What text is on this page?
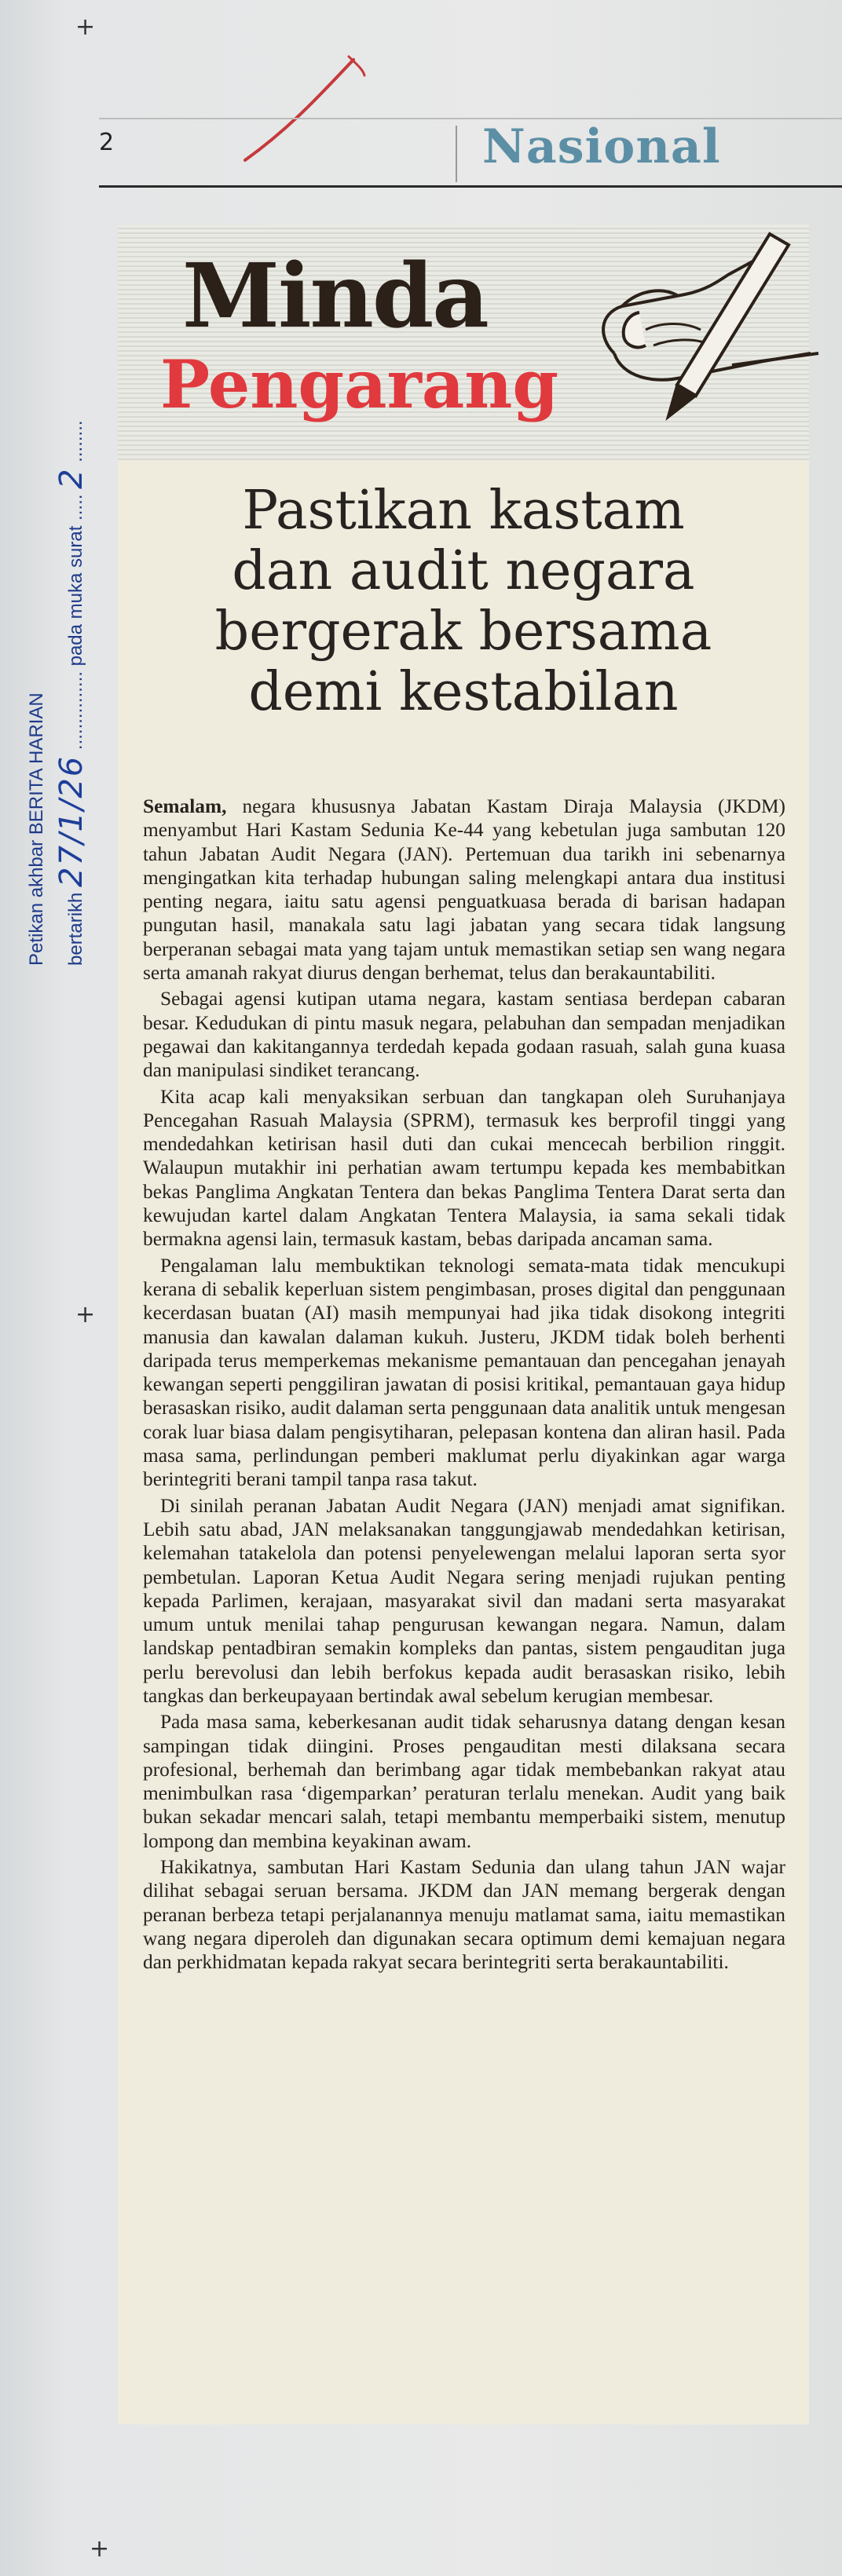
+
+
+
2	Nasional
Petikan akhbar BERITA HARIAN bertarikh 27/1/26 ............... pada muka surat ..... 2 ........
Minda
Pengarang
Pastikan kastam
dan audit negara
bergerak bersama
demi kestabilan

Semalam, negara khususnya Jabatan Kastam Diraja Malaysia (JKDM) menyambut Hari Kastam Sedunia Ke-44 yang kebetulan juga sambutan 120 tahun Jabatan Audit Negara (JAN). Pertemuan dua tarikh ini sebenarnya mengingatkan kita terhadap hubungan saling melengkapi antara dua institusi penting negara, iaitu satu agensi penguatkuasa berada di barisan hadapan pungutan hasil, manakala satu lagi jabatan yang secara tidak langsung berperanan sebagai mata yang tajam untuk memastikan setiap sen wang negara serta amanah rakyat diurus dengan berhemat, telus dan berakauntabiliti.

Sebagai agensi kutipan utama negara, kastam sentiasa berdepan cabaran besar. Kedudukan di pintu masuk negara, pelabuhan dan sempadan menjadikan pegawai dan kakitangannya terdedah kepada godaan rasuah, salah guna kuasa dan manipulasi sindiket terancang.

Kita acap kali menyaksikan serbuan dan tangkapan oleh Suruhanjaya Pencegahan Rasuah Malaysia (SPRM), termasuk kes berprofil tinggi yang mendedahkan ketirisan hasil duti dan cukai mencecah berbilion ringgit. Walaupun mutakhir ini perhatian awam tertumpu kepada kes membabitkan bekas Panglima Angkatan Tentera dan bekas Panglima Tentera Darat serta dan kewujudan kartel dalam Angkatan Tentera Malaysia, ia sama sekali tidak bermakna agensi lain, termasuk kastam, bebas daripada ancaman sama.

Pengalaman lalu membuktikan teknologi semata-mata tidak mencukupi kerana di sebalik keperluan sistem pengimbasan, proses digital dan penggunaan kecerdasan buatan (AI) masih mempunyai had jika tidak disokong integriti manusia dan kawalan dalaman kukuh. Justeru, JKDM tidak boleh berhenti daripada terus memperkemas mekanisme pemantauan dan pencegahan jenayah kewangan seperti penggiliran jawatan di posisi kritikal, pemantauan gaya hidup berasaskan risiko, audit dalaman serta penggunaan data analitik untuk mengesan corak luar biasa dalam pengisytiharan, pelepasan kontena dan aliran hasil. Pada masa sama, perlindungan pemberi maklumat perlu diyakinkan agar warga berintegriti berani tampil tanpa rasa takut.

Di sinilah peranan Jabatan Audit Negara (JAN) menjadi amat signifikan. Lebih satu abad, JAN melaksanakan tanggungjawab mendedahkan ketirisan, kelemahan tatakelola dan potensi penyelewengan melalui laporan serta syor pembetulan. Laporan Ketua Audit Negara sering menjadi rujukan penting kepada Parlimen, kerajaan, masyarakat sivil dan madani serta masyarakat umum untuk menilai tahap pengurusan kewangan negara. Namun, dalam landskap pentadbiran semakin kompleks dan pantas, sistem pengauditan juga perlu berevolusi dan lebih berfokus kepada audit berasaskan risiko, lebih tangkas dan berkeupayaan bertindak awal sebelum kerugian membesar.

Pada masa sama, keberkesanan audit tidak seharusnya datang dengan kesan sampingan tidak diingini. Proses pengauditan mesti dilaksana secara profesional, berhemah dan berimbang agar tidak membebankan rakyat atau menimbulkan rasa ‘digemparkan’ peraturan terlalu menekan. Audit yang baik bukan sekadar mencari salah, tetapi membantu memperbaiki sistem, menutup lompong dan membina keyakinan awam.

Hakikatnya, sambutan Hari Kastam Sedunia dan ulang tahun JAN wajar dilihat sebagai seruan bersama. JKDM dan JAN memang bergerak dengan peranan berbeza tetapi perjalanannya menuju matlamat sama, iaitu memastikan wang negara diperoleh dan digunakan secara optimum demi kemajuan negara dan perkhidmatan kepada rakyat secara berintegriti serta berakauntabiliti.
